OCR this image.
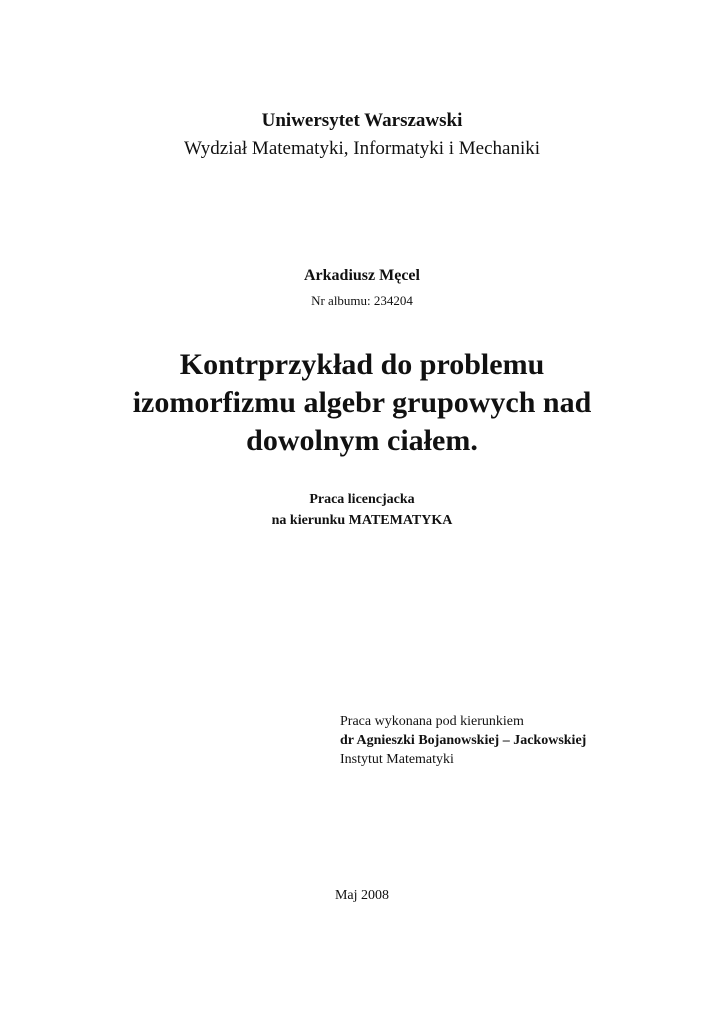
Uniwersytet Warszawski
Wydział Matematyki, Informatyki i Mechaniki
Arkadiusz Męcel
Nr albumu: 234204
Kontrprzykład do problemu
izomorfizmu algebr grupowych nad
dowolnym ciałem.
Praca licencjacka
na kierunku MATEMATYKA
Praca wykonana pod kierunkiem
dr Agnieszki Bojanowskiej – Jackowskiej
Instytut Matematyki
Maj 2008
